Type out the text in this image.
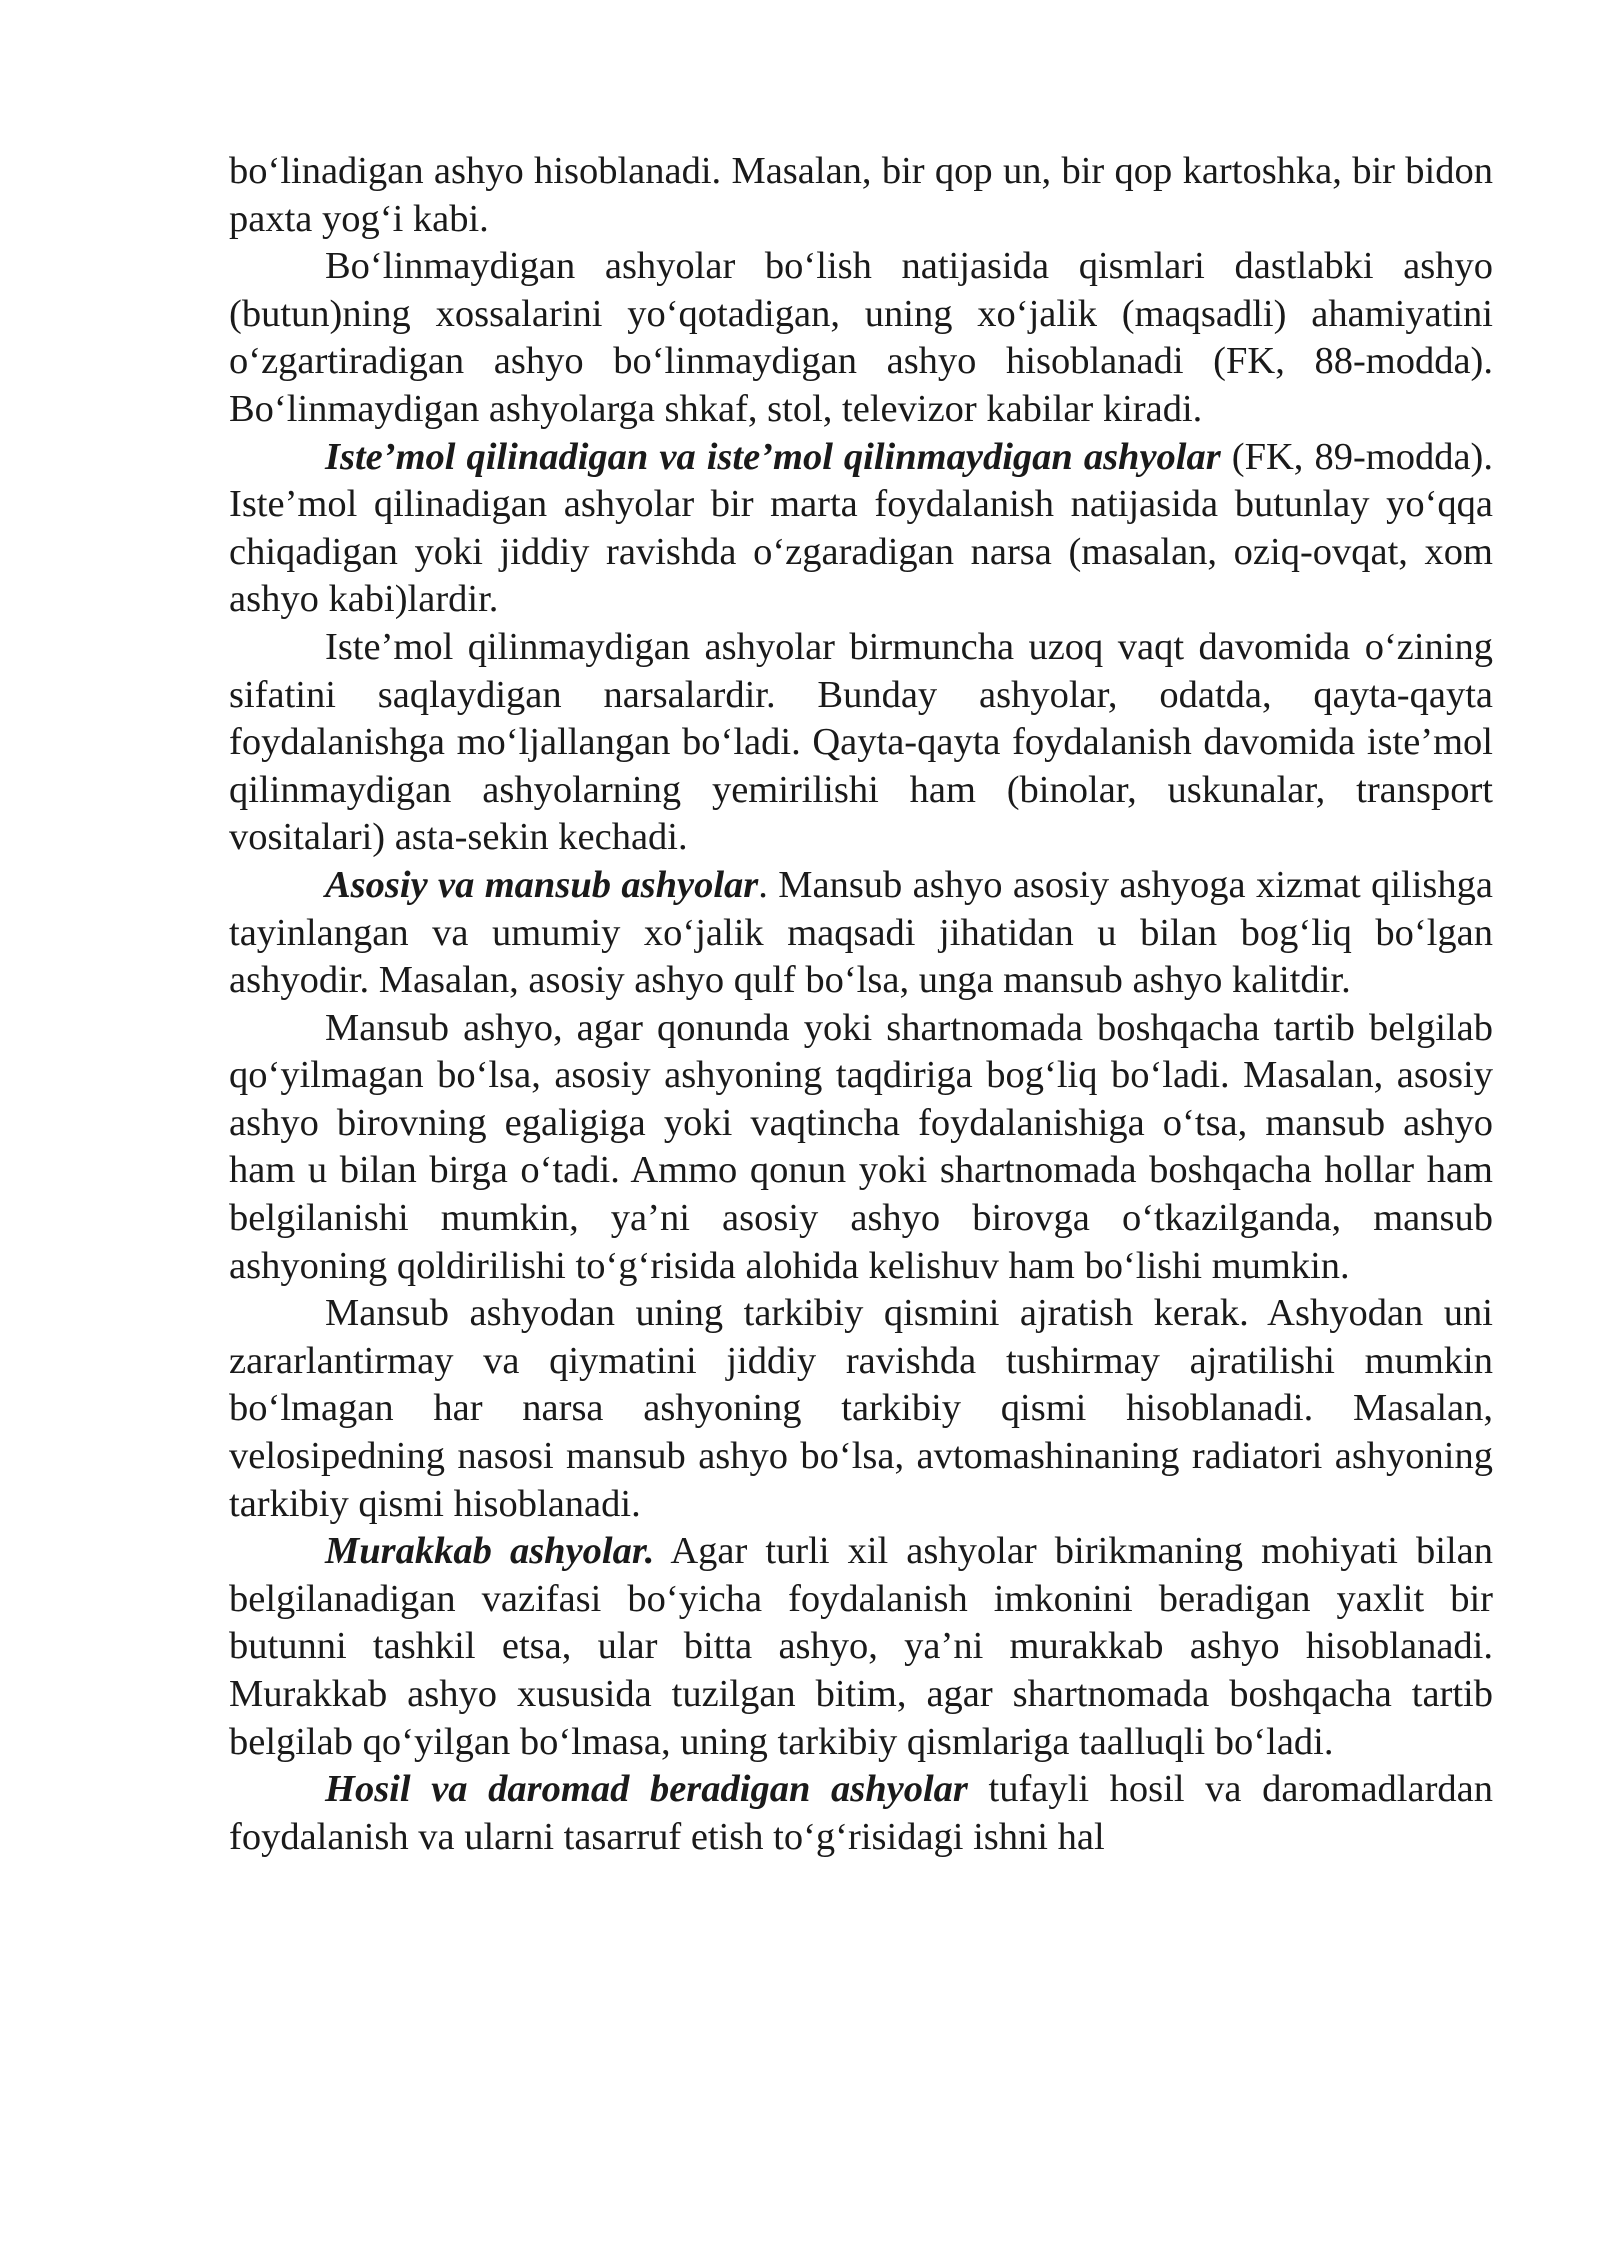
bo‘linadigan ashyo hisoblanadi. Masalan, bir qop un, bir qop kartoshka, bir bidon paxta yog‘i kabi.

Bo‘linmaydigan ashyolar bo‘lish natijasida qismlari dastlabki ashyo (butun)ning xossalarini yo‘qotadigan, uning xo‘jalik (maqsadli) ahamiyatini o‘zgartiradigan ashyo bo‘linmaydigan ashyo hisoblanadi (FK, 88-modda). Bo‘linmaydigan ashyolarga shkaf, stol, televizor kabilar kiradi.

Iste’mol qilinadigan va iste’mol qilinmaydigan ashyolar (FK, 89-modda). Iste’mol qilinadigan ashyolar bir marta foydalanish natijasida butunlay yo‘qqa chiqadigan yoki jiddiy ravishda o‘zgaradigan narsa (masalan, oziq-ovqat, xom ashyo kabi)lardir.

Iste’mol qilinmaydigan ashyolar birmuncha uzoq vaqt davomida o‘zining sifatini saqlaydigan narsalardir. Bunday ashyolar, odatda, qayta-qayta foydalanishga mo‘ljallangan bo‘ladi. Qayta-qayta foydalanish davomida iste’mol qilinmaydigan ashyolarning yemirilishi ham (binolar, uskunalar, transport vositalari) asta-sekin kechadi.

Asosiy va mansub ashyolar. Mansub ashyo asosiy ashyoga xizmat qilishga tayinlangan va umumiy xo‘jalik maqsadi jihatidan u bilan bog‘liq bo‘lgan ashyodir. Masalan, asosiy ashyo qulf bo‘lsa, unga mansub ashyo kalitdir.

Mansub ashyo, agar qonunda yoki shartnomada boshqacha tartib belgilab qo‘yilmagan bo‘lsa, asosiy ashyoning taqdiriga bog‘liq bo‘ladi. Masalan, asosiy ashyo birovning egaligiga yoki vaqtincha foydalanishiga o‘tsa, mansub ashyo ham u bilan birga o‘tadi. Ammo qonun yoki shartnomada boshqacha hollar ham belgilanishi mumkin, ya’ni asosiy ashyo birovga o‘tkazilganda, mansub ashyoning qoldirilishi to‘g‘risida alohida kelishuv ham bo‘lishi mumkin.

Mansub ashyodan uning tarkibiy qismini ajratish kerak. Ashyodan uni zararlantirmay va qiymatini jiddiy ravishda tushirmay ajratilishi mumkin bo‘lmagan har narsa ashyoning tarkibiy qismi hisoblanadi. Masalan, velosipedning nasosi mansub ashyo bo‘lsa, avtomashinaning radiatori ashyoning tarkibiy qismi hisoblanadi.

Murakkab ashyolar. Agar turli xil ashyolar birikmaning mohiyati bilan belgilanadigan vazifasi bo‘yicha foydalanish imkonini beradigan yaxlit bir butunni tashkil etsa, ular bitta ashyo, ya’ni murakkab ashyo hisoblanadi. Murakkab ashyo xususida tuzilgan bitim, agar shartnomada boshqacha tartib belgilab qo‘yilgan bo‘lmasa, uning tarkibiy qismlariga taalluqli bo‘ladi.

Hosil va daromad beradigan ashyolar tufayli hosil va daromadlardan foydalanish va ularni tasarruf etish to‘g‘risidagi ishni hal
